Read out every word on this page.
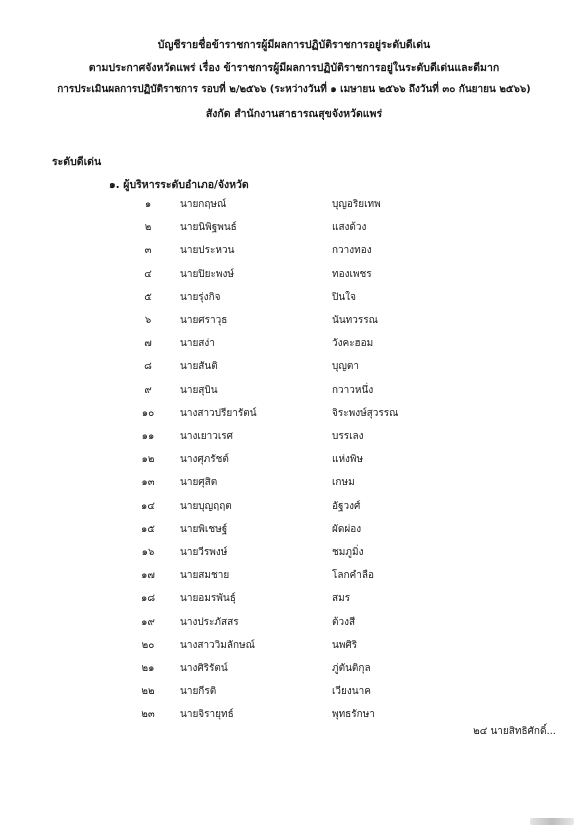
บัญชีรายชื่อข้าราชการผู้มีผลการปฏิบัติราชการอยู่ระดับดีเด่น
ตามประกาศจังหวัดแพร่ เรื่อง ข้าราชการผู้มีผลการปฏิบัติราชการอยู่ในระดับดีเด่นและดีมาก
การประเมินผลการปฏิบัติราชการ รอบที่ ๒/๒๕๖๖ (ระหว่างวันที่ ๑ เมษายน ๒๕๖๖ ถึงวันที่ ๓๐ กันยายน ๒๕๖๖)
สังกัด สำนักงานสาธารณสุขจังหวัดแพร่
ระดับดีเด่น
๑. ผู้บริหารระดับอำเภอ/จังหวัด
๑	นายกฤษณ์	บุญอริยเทพ
๒	นายนิพิฐพนธ์	แสงด้วง
๓	นายประหวน	กวางทอง
๔	นายปิยะพงษ์	ทองเพชร
๕	นายรุ่งกิจ	ปินใจ
๖	นายศราวุธ	นันทวรรณ
๗	นายสง่า	วังคะฮอม
๘	นายสันติ	บุญตา
๙	นายสุบิน	กวาวหนึ่ง
๑๐	นางสาวปรียารัตน์	จิระพงษ์สุวรรณ
๑๑	นางเยาวเรศ	บรรเลง
๑๒	นางศุภรัชต์	แห่งพิษ
๑๓	นายศุสิต	เกษม
๑๔	นายบุญฤฤต	อัฐวงศ์
๑๕	นายพิเชษฐ์	ผัดผ่อง
๑๖	นายวีรพงษ์	ชมภูมิ่ง
๑๗	นายสมชาย	โลกคำลือ
๑๘ นายอมรพันธุ์	สมร
๑๙	นางประภัสสร	ต้วงสี
๒๐	นางสาววิมลักษณ์	นพศิริ
๒๑	นางศิริรัตน์	ภู่ตันติกุล
๒๒	นายกีรติ	เวียงนาค
๒๓	นายจิรายุทธ์	พุทธรักษา
๒๔ นายสิทธิศักดิ์...
